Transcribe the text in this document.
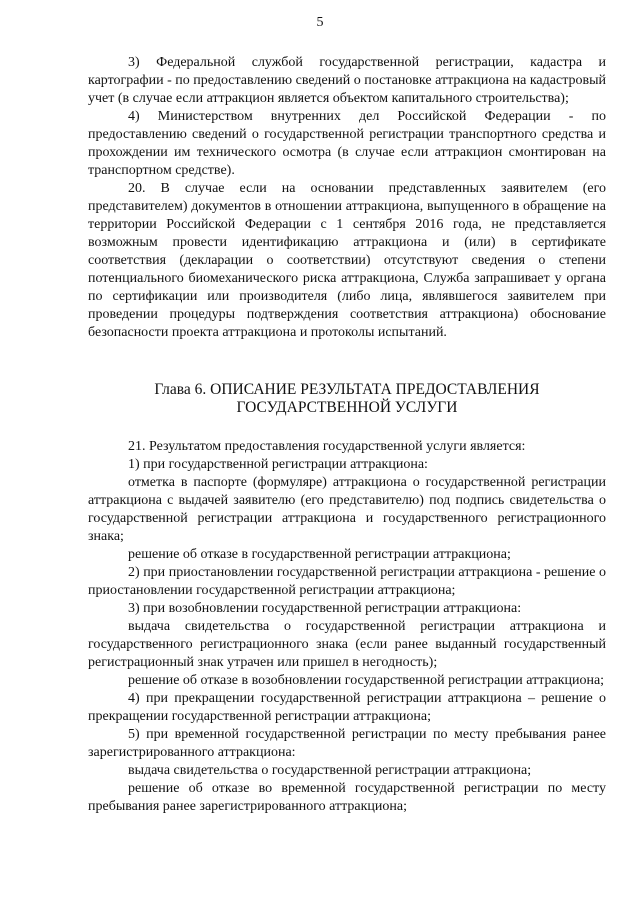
5

3) Федеральной службой государственной регистрации, кадастра и картографии - по предоставлению сведений о постановке аттракциона на кадастровый учет (в случае если аттракцион является объектом капитального строительства);

4) Министерством внутренних дел Российской Федерации - по предоставлению сведений о государственной регистрации транспортного средства и прохождении им технического осмотра (в случае если аттракцион смонтирован на транспортном средстве).

20. В случае если на основании представленных заявителем (его представителем) документов в отношении аттракциона, выпущенного в обращение на территории Российской Федерации с 1 сентября 2016 года, не представляется возможным провести идентификацию аттракциона и (или) в сертификате соответствия (декларации о соответствии) отсутствуют сведения о степени потенциального биомеханического риска аттракциона, Служба запрашивает у органа по сертификации или производителя (либо лица, являвшегося заявителем при проведении процедуры подтверждения соответствия аттракциона) обоснование безопасности проекта аттракциона и протоколы испытаний.

Глава 6. ОПИСАНИЕ РЕЗУЛЬТАТА ПРЕДОСТАВЛЕНИЯ

ГОСУДАРСТВЕННОЙ УСЛУГИ

21. Результатом предоставления государственной услуги является:

1) при государственной регистрации аттракциона:

отметка в паспорте (формуляре) аттракциона о государственной регистрации аттракциона с выдачей заявителю (его представителю) под подпись свидетельства о государственной регистрации аттракциона и государственного регистрационного знака;

решение об отказе в государственной регистрации аттракциона;

2) при приостановлении государственной регистрации аттракциона - решение о приостановлении государственной регистрации аттракциона;

3) при возобновлении государственной регистрации аттракциона:

выдача свидетельства о государственной регистрации аттракциона и государственного регистрационного знака (если ранее выданный государственный регистрационный знак утрачен или пришел в негодность);

решение об отказе в возобновлении государственной регистрации аттракциона;

4) при прекращении государственной регистрации аттракциона – решение о прекращении государственной регистрации аттракциона;

5) при временной государственной регистрации по месту пребывания ранее зарегистрированного аттракциона:

выдача свидетельства о государственной регистрации аттракциона;

решение об отказе во временной государственной регистрации по месту пребывания ранее зарегистрированного аттракциона;
